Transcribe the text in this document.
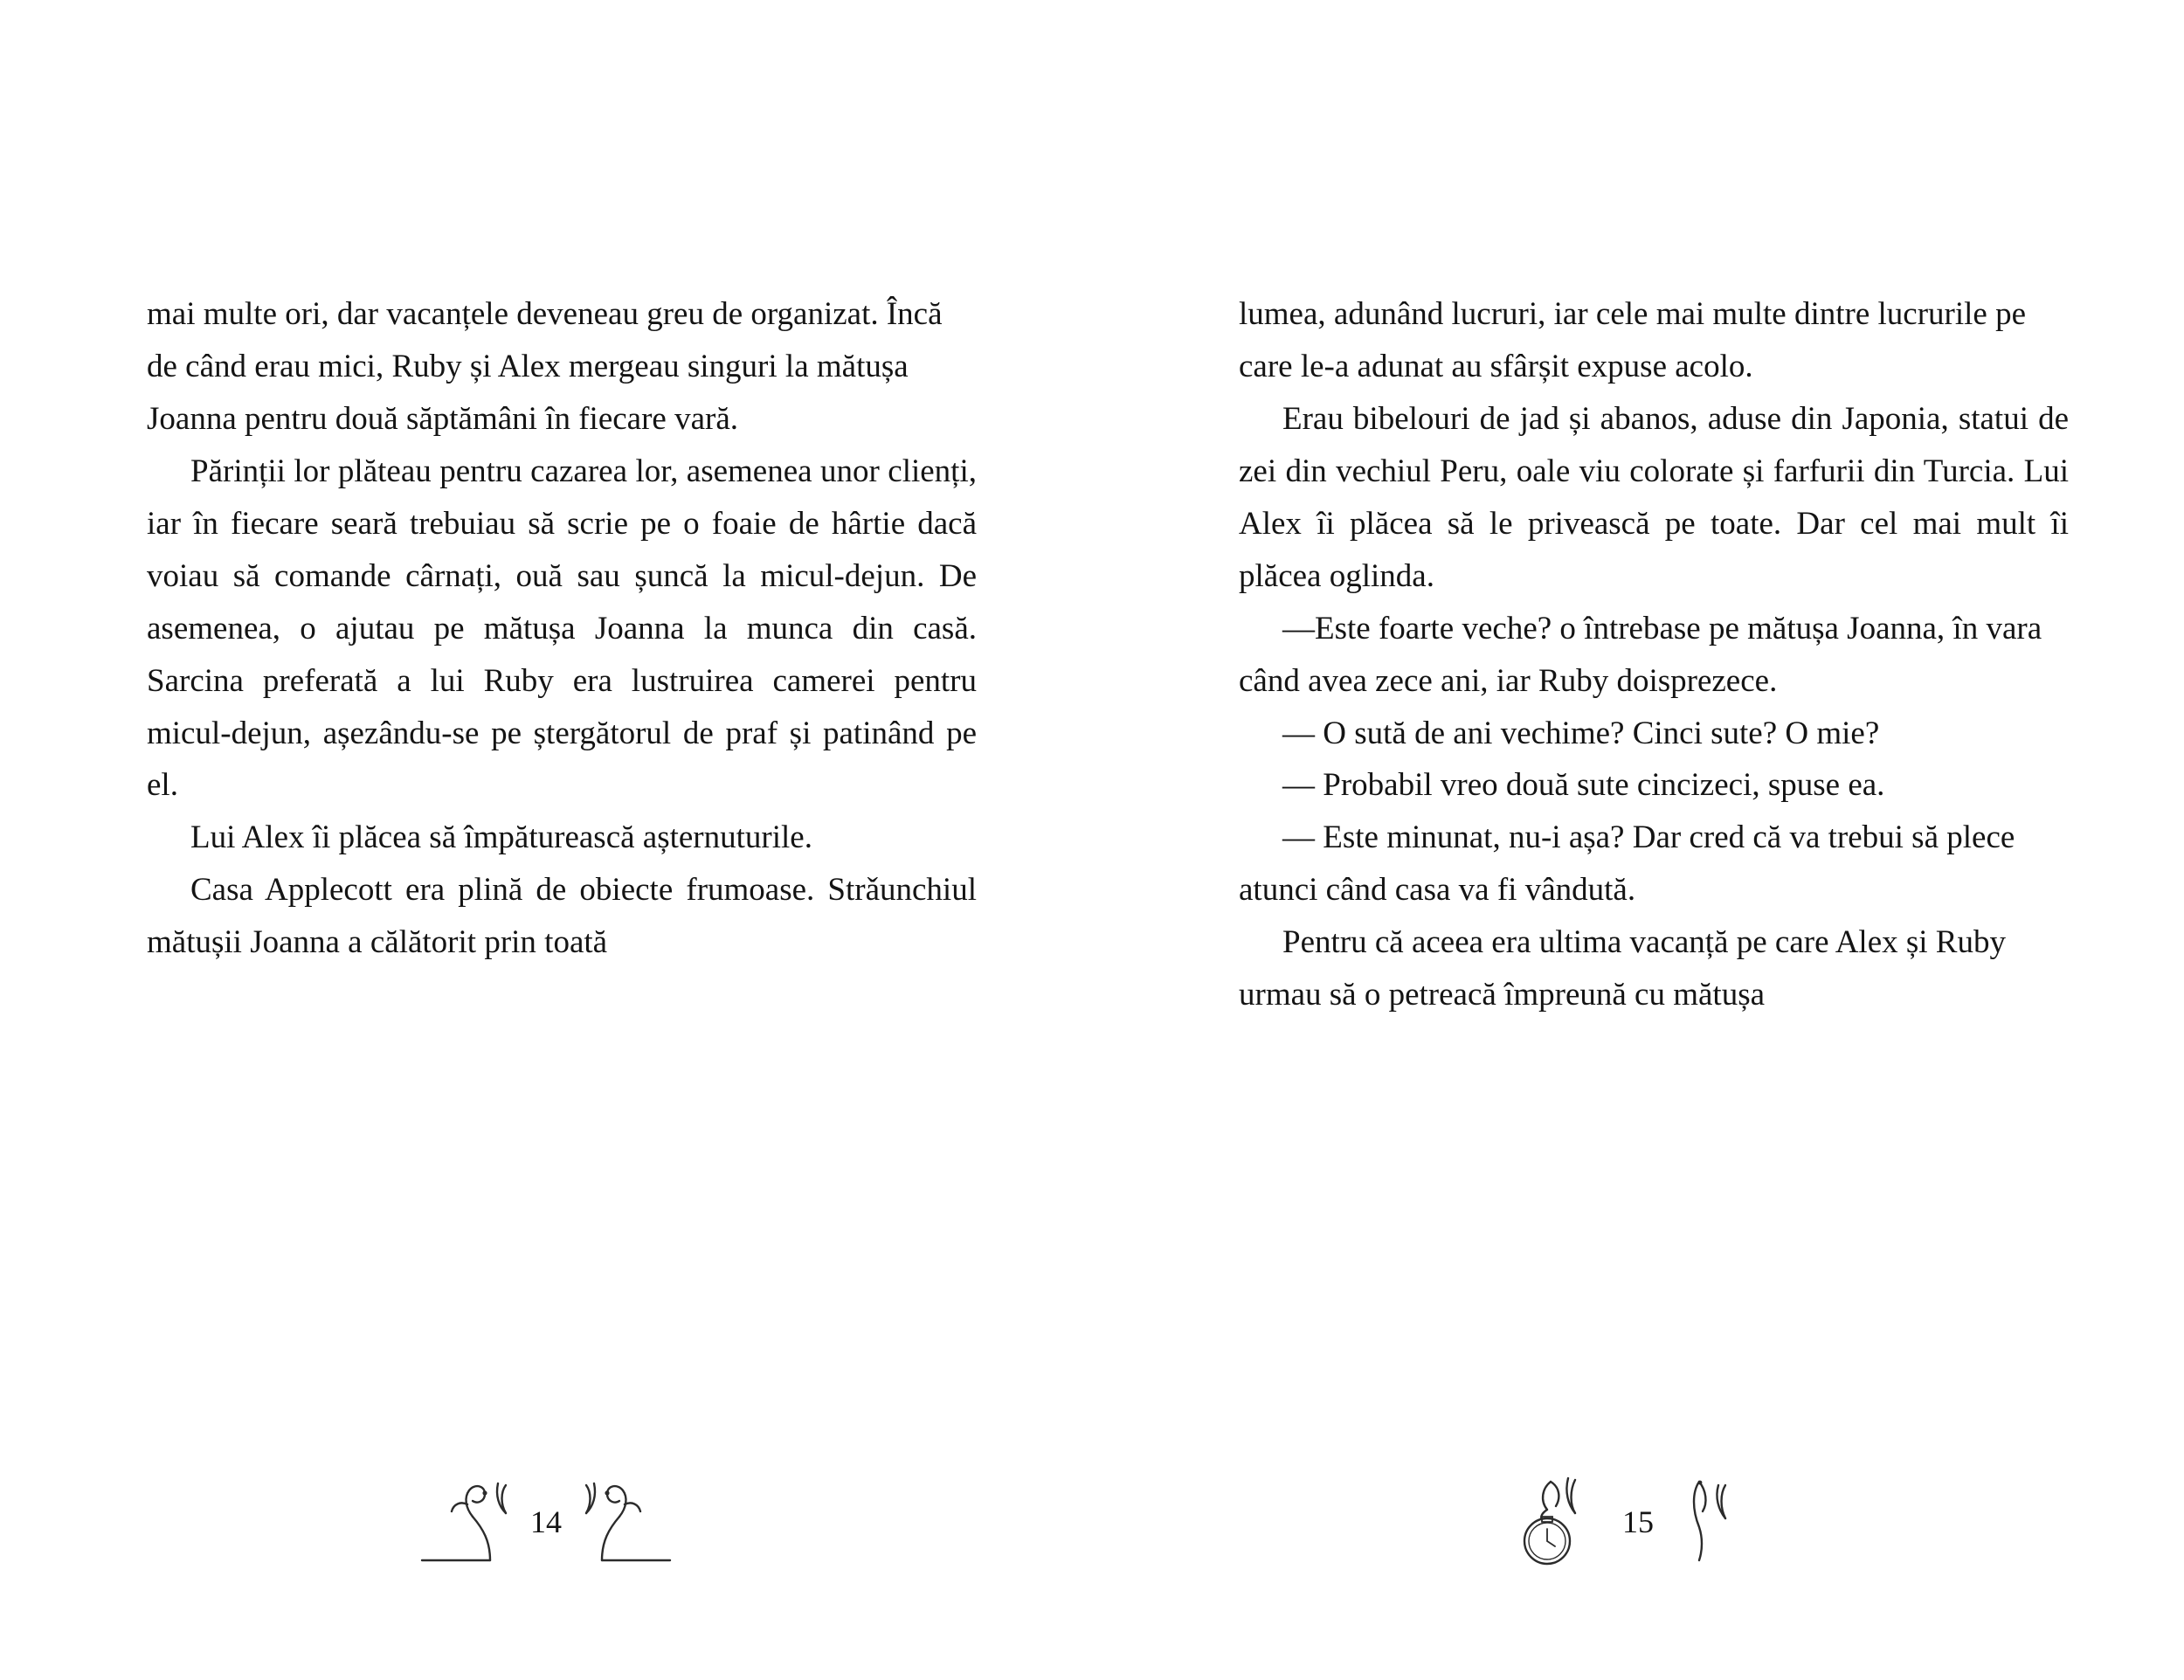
mai multe ori, dar vacanțele deveneau greu de organizat. Încă de când erau mici, Ruby și Alex mergeau singuri la mătușa Joanna pentru două săptămâni în fiecare vară.

Părinții lor plăteau pentru cazarea lor, asemenea unor clienți, iar în fiecare seară trebuiau să scrie pe o foaie de hârtie dacă voiau să comande cârnați, ouă sau șuncă la micul-dejun. De asemenea, o ajutau pe mătușa Joanna la munca din casă. Sarcina preferată a lui Ruby era lustruirea camerei pentru micul-dejun, așezându-se pe ștergătorul de praf și patinând pe el.

Lui Alex îi plăcea să împăturească așternuturile.

Casa Applecott era plină de obiecte frumoase. Strǎunchiul mătușii Joanna a călătorit prin toată

14

lumea, adunând lucruri, iar cele mai multe dintre lucrurile pe care le-a adunat au sfârșit expuse acolo.

Erau bibelouri de jad și abanos, aduse din Japonia, statui de zei din vechiul Peru, oale viu colorate și farfurii din Turcia. Lui Alex îi plăcea să le privească pe toate. Dar cel mai mult îi plăcea oglinda.

—Este foarte veche? o întrebase pe mătușa Joanna, în vara când avea zece ani, iar Ruby doisprezece.

— O sută de ani vechime? Cinci sute? O mie?

— Probabil vreo două sute cincizeci, spuse ea.

— Este minunat, nu-i așa? Dar cred că va trebui să plece atunci când casa va fi vândută.

Pentru că aceea era ultima vacanță pe care Alex și Ruby urmau să o petreacă împreună cu mătușa

15
